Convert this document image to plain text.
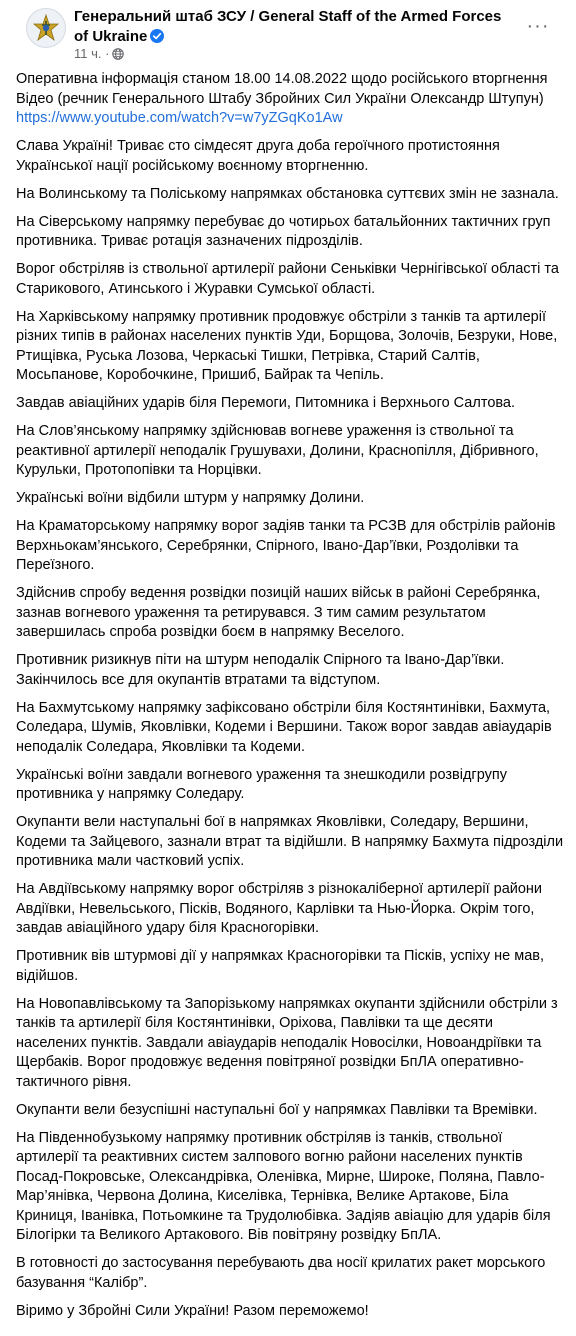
Генеральний штаб ЗСУ / General Staff of the Armed Forces of Ukraine
11 ч. ·
···

Оперативна інформація станом 18.00 14.08.2022 щодо російського вторгнення
Відео (речник Генерального Штабу Збройних Сил України Олександр Штупун)
https://www.youtube.com/watch?v=w7yZGqKo1Aw

Слава Україні! Триває сто сімдесят друга доба героїчного протистояння Української нації російському воєнному вторгненню.

На Волинському та Поліському напрямках обстановка суттєвих змін не зазнала.

На Сіверському напрямку перебуває до чотирьох батальйонних тактичних груп противника. Триває ротація зазначених підрозділів.

Ворог обстріляв із ствольної артилерії райони Сеньківки Чернігівської області та Старикового, Атинського і Журавки Сумської області.

На Харківському напрямку противник продовжує обстріли з танків та артилерії різних типів в районах населених пунктів Уди, Борщова, Золочів, Безруки, Нове, Ртищівка, Руська Лозова, Черкаські Тишки, Петрівка, Старий Салтів, Мосьпанове, Коробочкине, Пришиб, Байрак та Чепіль.

Завдав авіаційних ударів біля Перемоги, Питомника і Верхнього Салтова.

На Слов’янському напрямку здійснював вогневе ураження із ствольної та реактивної артилерії неподалік Грушувахи, Долини, Краснопілля, Дібривного, Курульки, Протопопівки та Норцівки.

Українські воїни відбили штурм у напрямку Долини.

На Краматорському напрямку ворог задіяв танки та РСЗВ для обстрілів районів Верхньокам’янського, Серебрянки, Спірного, Івано-Дар’ївки, Роздолівки та Переїзного.

Здійснив спробу ведення розвідки позицій наших військ в районі Серебрянка, зазнав вогневого ураження та ретирувався. З тим самим результатом завершилась спроба розвідки боєм в напрямку Веселого.

Противник ризикнув піти на штурм неподалік Спірного та Івано-Дар’ївки. Закінчилось все для окупантів втратами та відступом.

На Бахмутському напрямку зафіксовано обстріли біля Костянтинівки, Бахмута, Соледара, Шумів, Яковлівки, Кодеми і Вершини. Також ворог завдав авіаударів неподалік Соледара, Яковлівки та Кодеми.

Українські воїни завдали вогневого ураження та знешкодили розвідгрупу противника у напрямку Соледару.

Окупанти вели наступальні бої в напрямках Яковлівки, Соледару, Вершини, Кодеми та Зайцевого, зазнали втрат та відійшли. В напрямку Бахмута підрозділи противника мали частковий успіх.

На Авдіївському напрямку ворог обстріляв з різнокаліберної артилерії райони Авдіївки, Невельського, Пісків, Водяного, Карлівки та Нью-Йорка. Окрім того, завдав авіаційного удару біля Красногорівки.

Противник вів штурмові дії у напрямках Красногорівки та Пісків, успіху не мав, відійшов.

На Новопавлівському та Запорізькому напрямках окупанти здійснили обстріли з танків та артилерії біля Костянтинівки, Оріхова, Павлівки та ще десяти населених пунктів. Завдали авіаударів неподалік Новосілки, Новоандріївки та Щербаків. Ворог продовжує ведення повітряної розвідки БпЛА оперативно-тактичного рівня.

Окупанти вели безуспішні наступальні бої у напрямках Павлівки та Времівки.

На Південнобузькому напрямку противник обстріляв із танків, ствольної артилерії та реактивних систем залпового вогню райони населених пунктів Посад-Покровське, Олександрівка, Оленівка, Мирне, Широке, Поляна, Павло-Мар’янівка, Червона Долина, Киселівка, Тернівка, Велике Артакове, Біла Криниця, Іванівка, Потьомкине та Трудолюбівка. Задіяв авіацію для ударів біля Білогірки та Великого Артакового. Вів повітряну розвідку БпЛА.

В готовності до застосування перебувають два носії крилатих ракет морського базування “Калібр”.

Віримо у Збройні Сили України! Разом переможемо!
